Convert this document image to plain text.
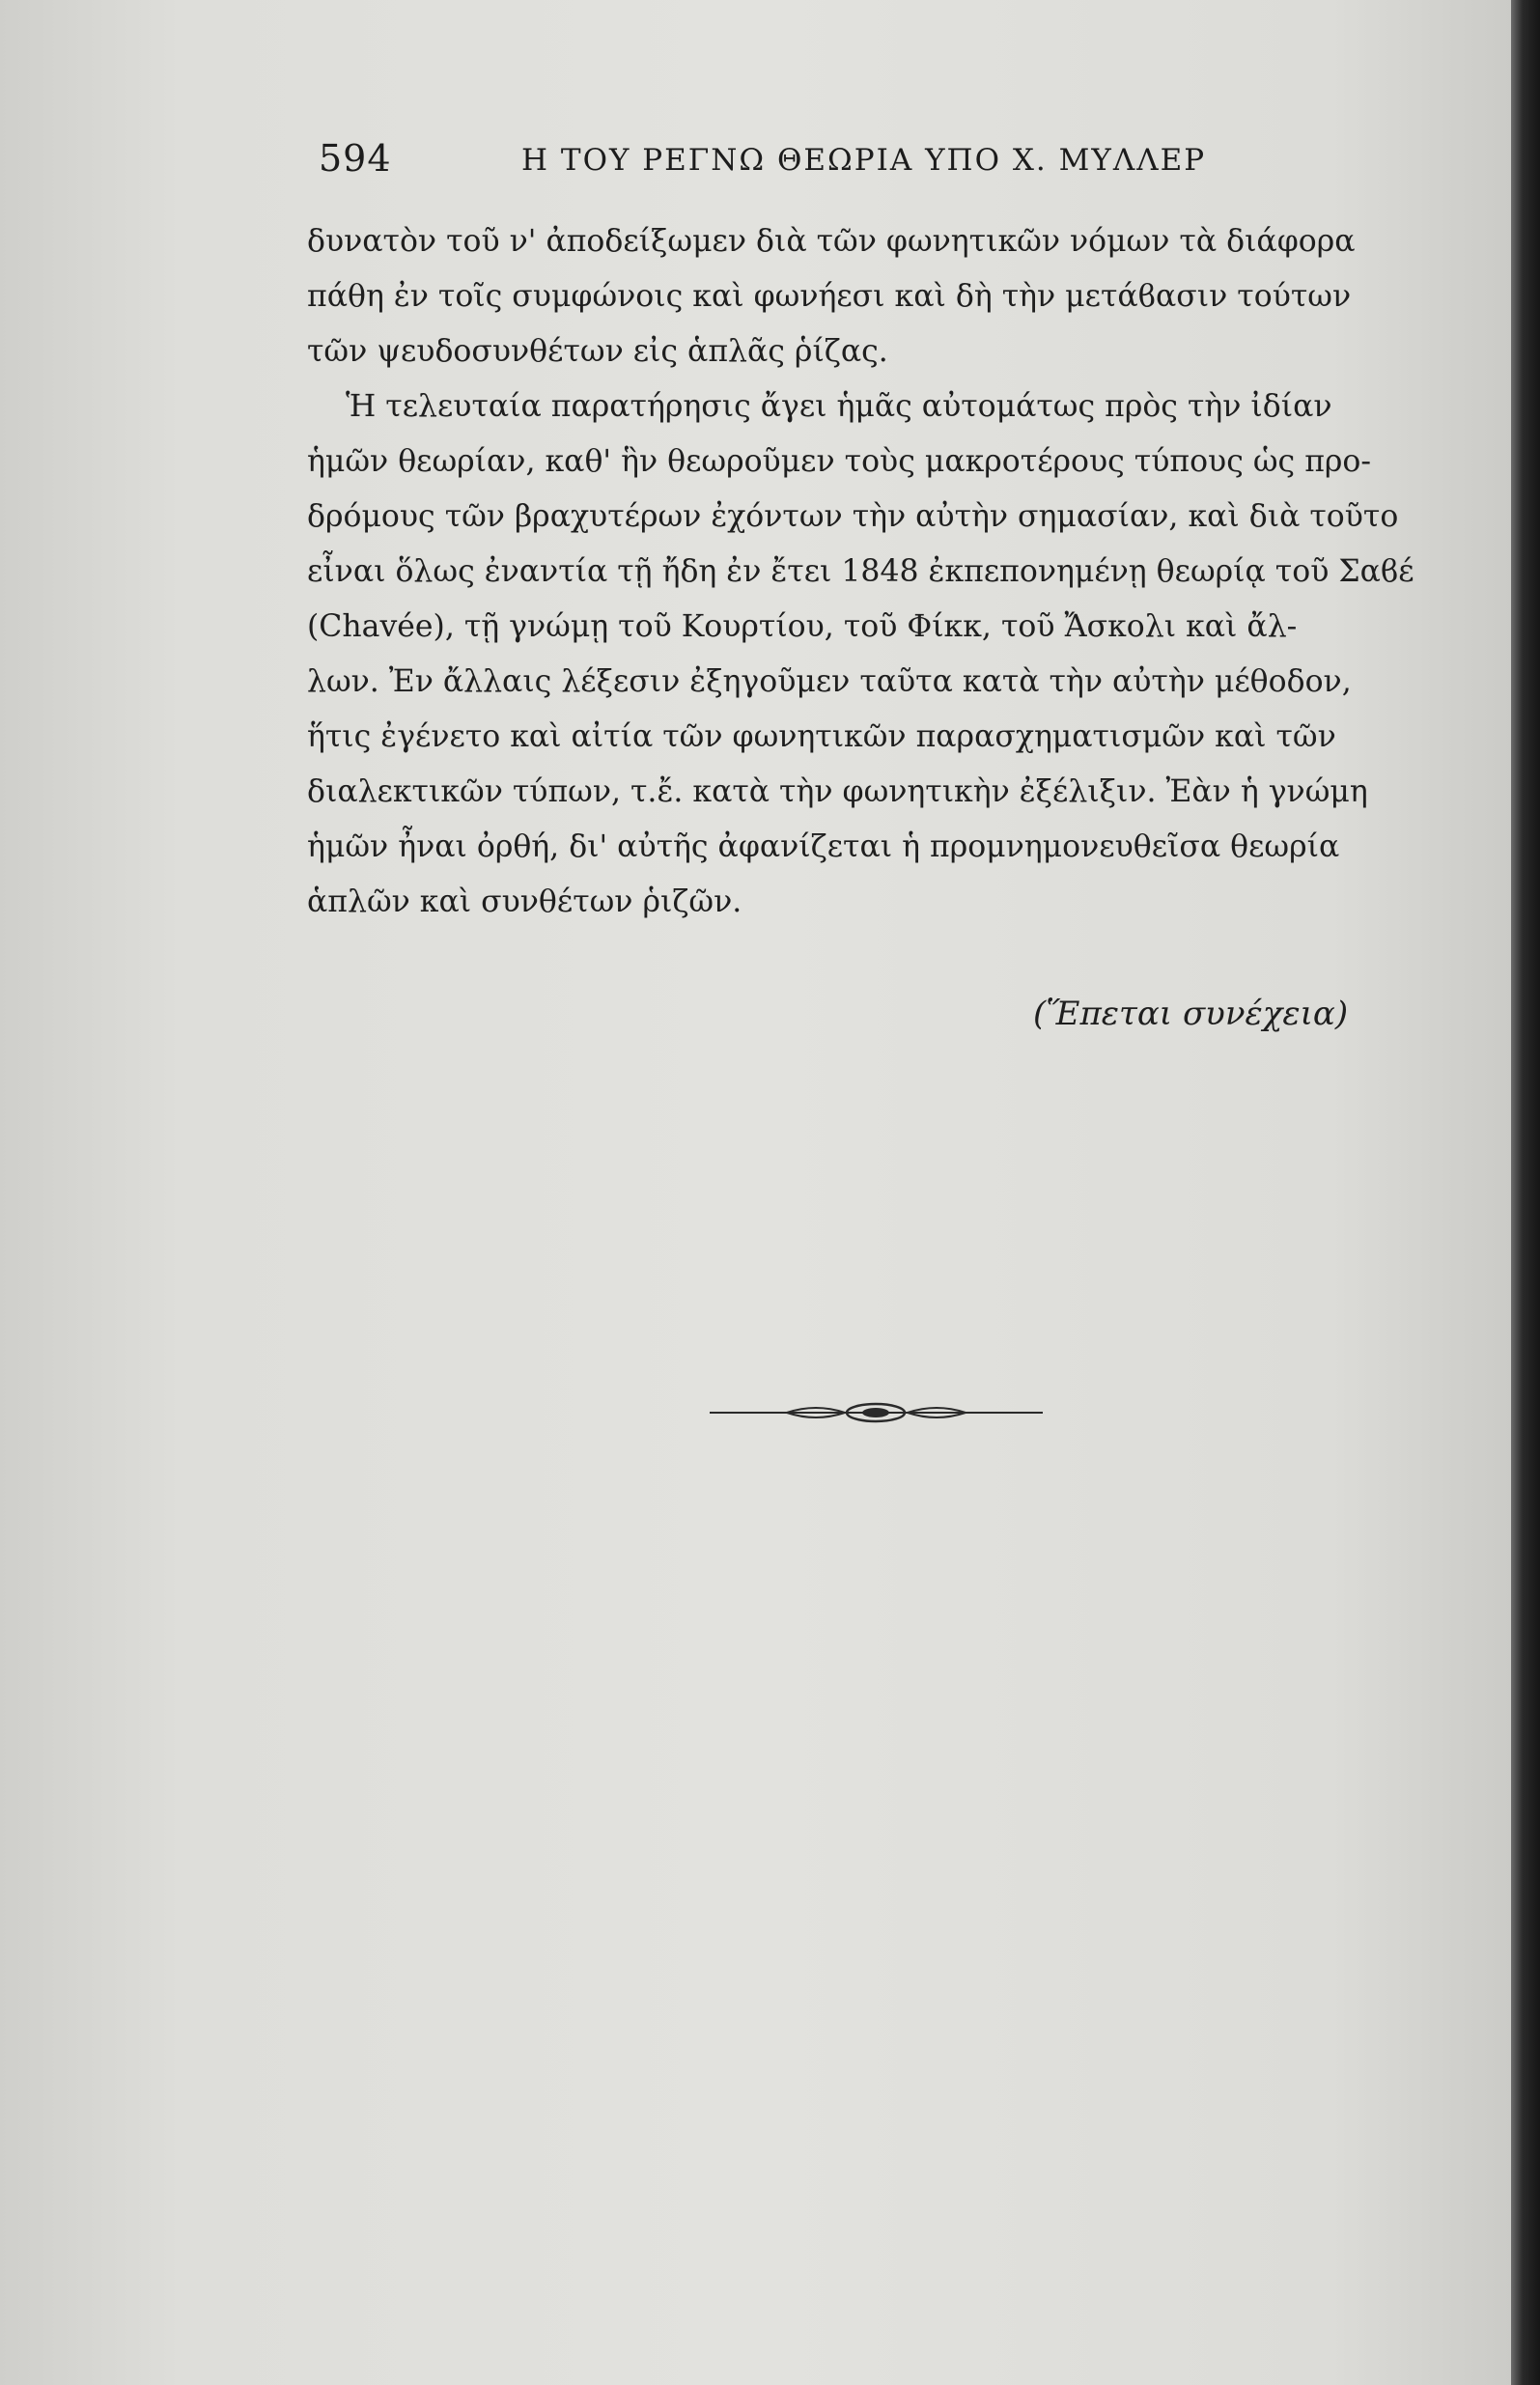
594	Η ΤΟΥ ΡΕΓΝΩ ΘΕΩΡΙΑ ΥΠΟ Χ. ΜΥΛΛΕΡ
δυνατὸν τοῦ ν' ἀποδείξωμεν διὰ τῶν φωνητικῶν νόμων τὰ διάφορα
πάθη ἐν τοῖς συμφώνοις καὶ φωνήεσι καὶ δὴ τὴν μετάϐασιν τούτων
τῶν ψευδοσυνθέτων εἰς ἁπλᾶς ῥίζας.
Ἡ τελευταία παρατήρησις ἄγει ἡμᾶς αὐτομάτως πρὸς τὴν ἰδίαν
ἡμῶν θεωρίαν, καθ' ἣν θεωροῦμεν τοὺς μακροτέρους τύπους ὡς προ-
δρόμους τῶν βραχυτέρων ἐχόντων τὴν αὐτὴν σημασίαν, καὶ διὰ τοῦτο
εἶναι ὅλως ἐναντία τῇ ἤδη ἐν ἔτει 1848 ἐκπεπονημένῃ θεωρίᾳ τοῦ Σαϐέ
(Chavée), τῇ γνώμῃ τοῦ Κουρτίου, τοῦ Φίκκ, τοῦ Ἄσκολι καὶ ἄλ-
λων. Ἐν ἄλλαις λέξεσιν ἐξηγοῦμεν ταῦτα κατὰ τὴν αὐτὴν μέθοδον,
ἥτις ἐγένετο καὶ αἰτία τῶν φωνητικῶν παρασχηματισμῶν καὶ τῶν
διαλεκτικῶν τύπων, τ.ἔ. κατὰ τὴν φωνητικὴν ἐξέλιξιν. Ἐὰν ἡ γνώμη
ἡμῶν ἦναι ὀρθή, δι' αὐτῆς ἀφανίζεται ἡ προμνημονευθεῖσα θεωρία
ἁπλῶν καὶ συνθέτων ῥιζῶν.
(Ἕπεται συνέχεια)
